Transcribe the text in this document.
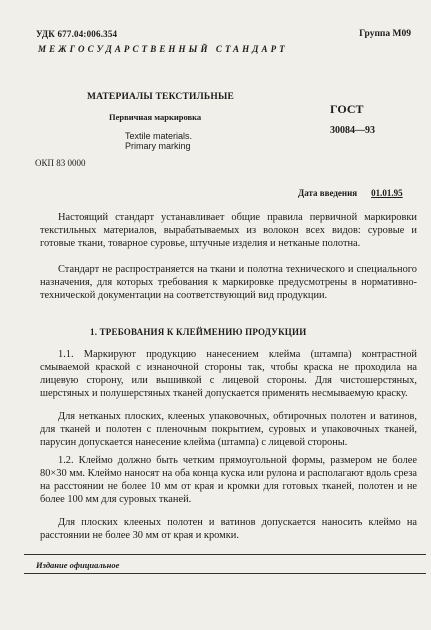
УДК 677.04:006.354	Группа М09
МЕЖГОСУДАРСТВЕННЫЙ СТАНДАРТ
МАТЕРИАЛЫ ТЕКСТИЛЬНЫЕ
Первичная маркировка
Textile materials.
Primary marking
ГОСТ
30084—93
ОКП 83 0000
Дата введения 01.01.95

Настоящий стандарт устанавливает общие правила первичной маркировки текстильных материалов, вырабатываемых из волокон всех видов: суровые и готовые ткани, товарное суровье, штучные изделия и нетканые полотна.

Стандарт не распространяется на ткани и полотна технического и специального назначения, для которых требования к маркировке предусмотрены в нормативно-технической документации на соответствующий вид продукции.

1. ТРЕБОВАНИЯ К КЛЕЙМЕНИЮ ПРОДУКЦИИ

1.1. Маркируют продукцию нанесением клейма (штампа) контрастной смываемой краской с изнаночной стороны так, чтобы краска не проходила на лицевую сторону, или вышивкой с лицевой стороны. Для чистошерстяных, шерстяных и полушерстяных тканей допускается применять несмываемую краску.

Для нетканых плоских, клееных упаковочных, обтирочных полотен и ватинов, для тканей и полотен с пленочным покрытием, суровых и упаковочных тканей, парусин допускается нанесение клейма (штампа) с лицевой стороны.

1.2. Клеймо должно быть четким прямоугольной формы, размером не более 80×30 мм. Клеймо наносят на оба конца куска или рулона и располагают вдоль среза на расстоянии не более 10 мм от края и кромки для готовых тканей, полотен и не более 100 мм для суровых тканей.

Для плоских клееных полотен и ватинов допускается наносить клеймо на расстоянии не более 30 мм от края и кромки.

Издание официальное
